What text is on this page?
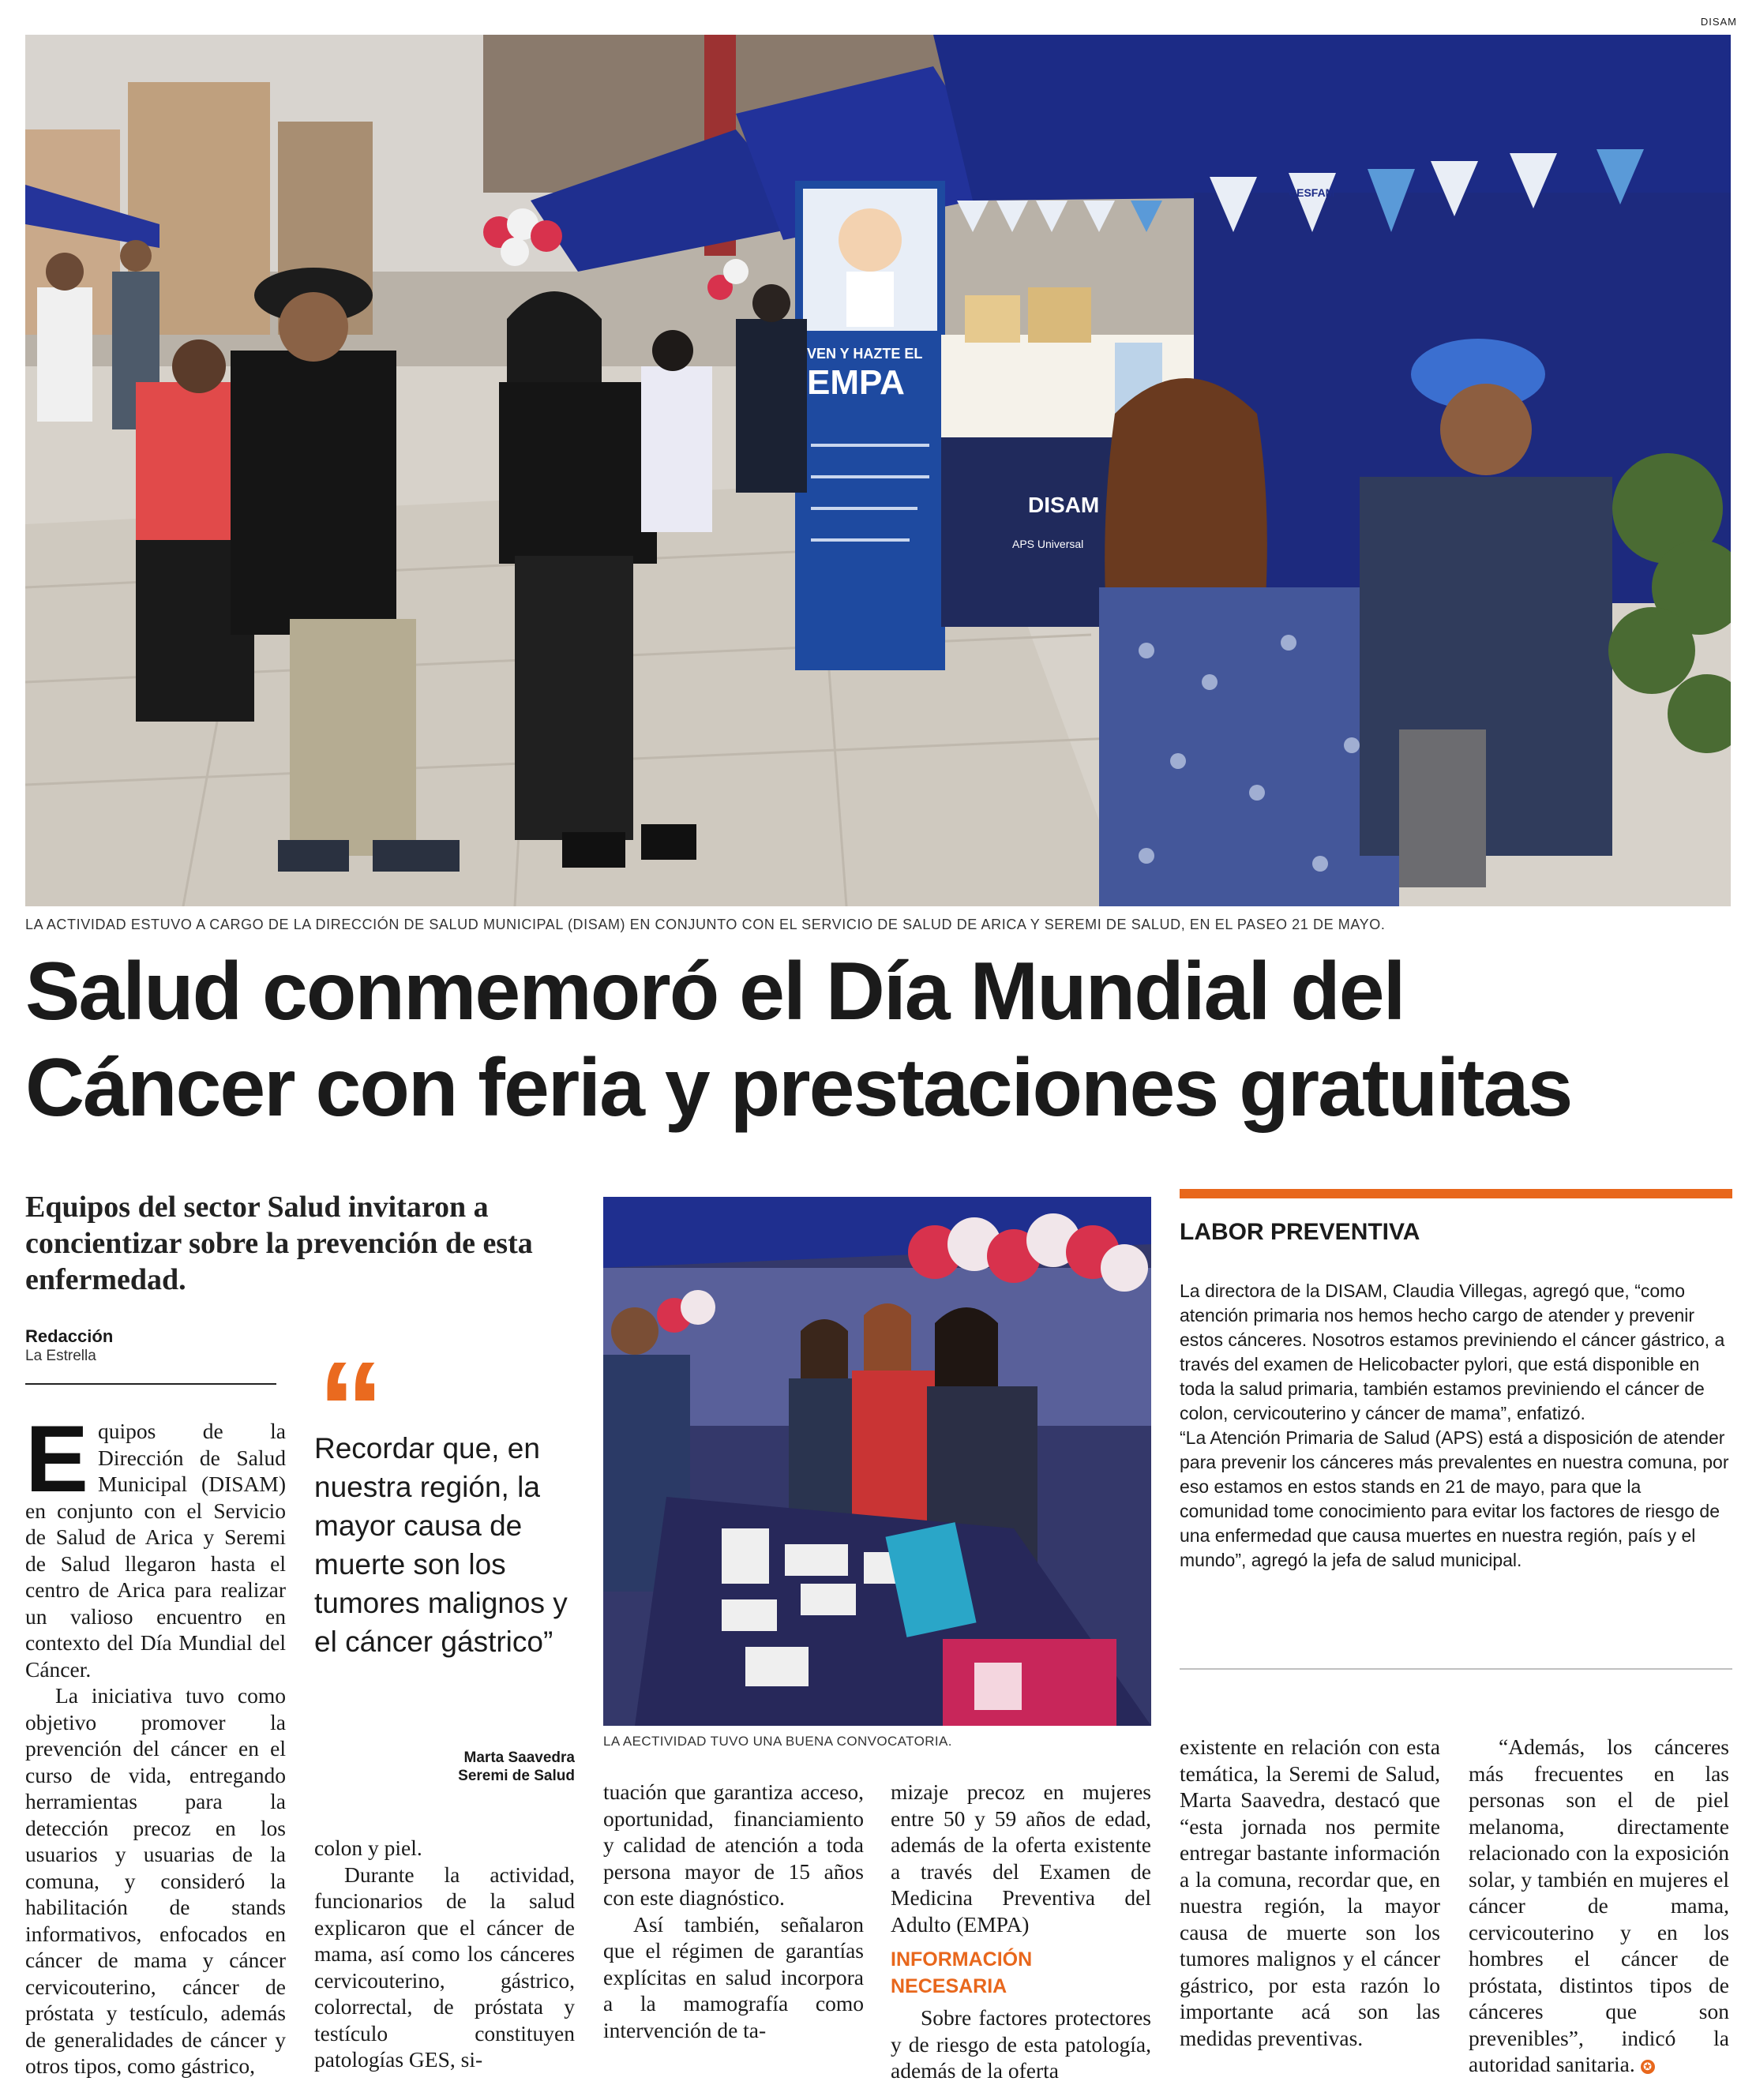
DISAM
CESFAM
VEN Y HAZTE EL
EMPA
DISAM
APS Universal
LA ACTIVIDAD ESTUVO A CARGO DE LA DIRECCIÓN DE SALUD MUNICIPAL (DISAM) EN CONJUNTO CON EL SERVICIO DE SALUD DE ARICA Y SEREMI DE SALUD, EN EL PASEO 21 DE MAYO.
Salud conmemoró el Día Mundial del
Cáncer con feria y prestaciones gratuitas
Equipos del sector Salud invitaron a concientizar sobre la prevención de esta enfermedad.
Redacción
La Estrella

Equipos de la Dirección de Salud Municipal (DISAM) en conjunto con el Servicio de Salud de Arica y Seremi de Salud llegaron hasta el centro de Arica para realizar un valioso encuentro en contexto del Día Mundial del Cáncer.

La iniciativa tuvo como objetivo promover la prevención del cáncer en el curso de vida, entregando herramientas para la detección precoz en los usuarios y usuarias de la comuna, y consideró la habilitación de stands informativos, enfocados en cáncer de mama y cáncer cervicouterino, cáncer de próstata y testículo, además de generalidades de cáncer y otros tipos, como gástrico,

“
Recordar que, en nuestra región, la mayor causa de muerte son los tumores malignos y el cáncer gástrico”
Marta Saavedra
Seremi de Salud

colon y piel.

Durante la actividad, funcionarios de la salud explicaron que el cáncer de mama, así como los cánceres cervicouterino, gástrico, colorrectal, de próstata y testículo constituyen patologías GES, si-

LA AECTIVIDAD TUVO UNA BUENA CONVOCATORIA.

tuación que garantiza acceso, oportunidad, financiamiento y calidad de atención a toda persona mayor de 15 años con este diagnóstico.

Así también, señalaron que el régimen de garantías explícitas en salud incorpora a la mamografía como intervención de ta-

mizaje precoz en mujeres entre 50 y 59 años de edad, además de la oferta existente a través del Examen de Medicina Preventiva del Adulto (EMPA)

INFORMACIÓN NECESARIA

Sobre factores protectores y de riesgo de esta patología, además de la oferta

LABOR PREVENTIVA

La directora de la DISAM, Claudia Villegas, agregó que, “como atención primaria nos hemos hecho cargo de atender y prevenir estos cánceres. Nosotros estamos previniendo el cáncer gástrico, a través del examen de Helicobacter pylori, que está disponible en toda la salud primaria, también estamos previniendo el cáncer de colon, cervicouterino y cáncer de mama”, enfatizó.

“La Atención Primaria de Salud (APS) está a disposición de atender para prevenir los cánceres más prevalentes en nuestra comuna, por eso estamos en estos stands en 21 de mayo, para que la comunidad tome conocimiento para evitar los factores de riesgo de una enfermedad que causa muertes en nuestra región, país y el mundo”, agregó la jefa de salud municipal.

existente en relación con esta temática, la Seremi de Salud, Marta Saavedra, destacó que “esta jornada nos permite entregar bastante información a la comuna, recordar que, en nuestra región, la mayor causa de muerte son los tumores malignos y el cáncer gástrico, por esta razón lo importante acá son las medidas preventivas.

“Además, los cánceres más frecuentes en las personas son el de piel melanoma, directamente relacionado con la exposición solar, y también en mujeres el cáncer de mama, cervicouterino y en los hombres el cáncer de próstata, distintos tipos de cánceres que son prevenibles”, indicó la autoridad sanitaria. ✪
